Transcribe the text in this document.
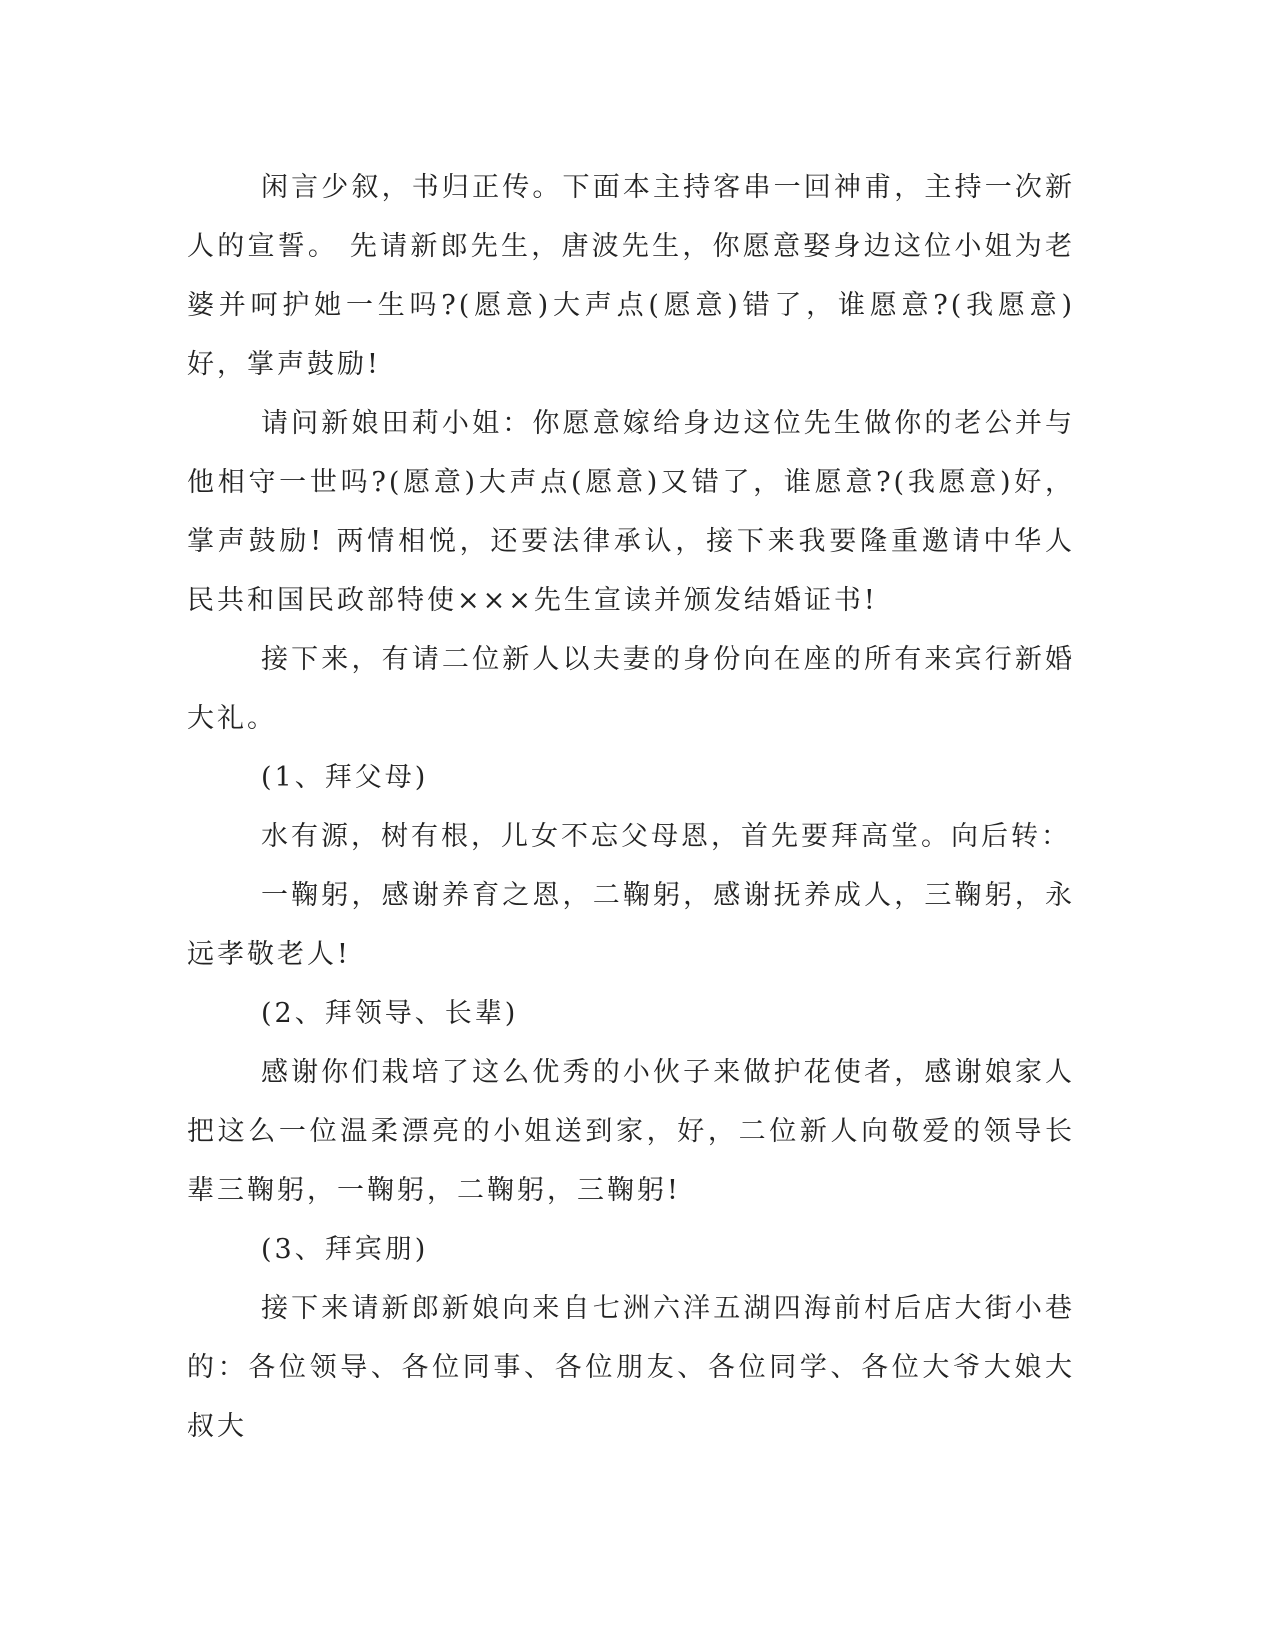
闲言少叙，书归正传。下面本主持客串一回神甫，主持一次新人的宣誓。 先请新郎先生，唐波先生，你愿意娶身边这位小姐为老婆并呵护她一生吗?(愿意)大声点(愿意)错了，谁愿意?(我愿意)好，掌声鼓励!

请问新娘田莉小姐：你愿意嫁给身边这位先生做你的老公并与他相守一世吗?(愿意)大声点(愿意)又错了，谁愿意?(我愿意)好，掌声鼓励! 两情相悦，还要法律承认，接下来我要隆重邀请中华人民共和国民政部特使×××先生宣读并颁发结婚证书!

接下来，有请二位新人以夫妻的身份向在座的所有来宾行新婚大礼。

(1、拜父母)

水有源，树有根，儿女不忘父母恩，首先要拜高堂。向后转：

一鞠躬，感谢养育之恩，二鞠躬，感谢抚养成人，三鞠躬，永远孝敬老人!

(2、拜领导、长辈)

感谢你们栽培了这么优秀的小伙子来做护花使者，感谢娘家人把这么一位温柔漂亮的小姐送到家，好，二位新人向敬爱的领导长辈三鞠躬，一鞠躬，二鞠躬，三鞠躬!

(3、拜宾朋)

接下来请新郎新娘向来自七洲六洋五湖四海前村后店大街小巷的：各位领导、各位同事、各位朋友、各位同学、各位大爷大娘大叔大
